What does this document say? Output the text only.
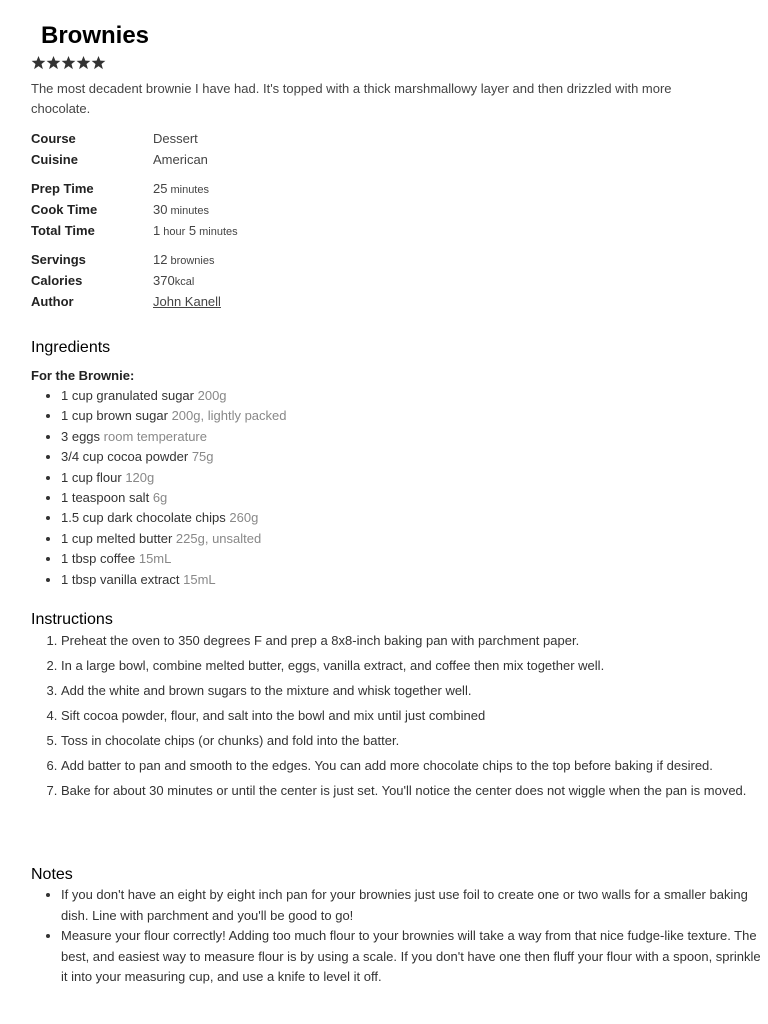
Brownies
The most decadent brownie I have had. It's topped with a thick marshmallowy layer and then drizzled with more chocolate.
Course	Dessert
Cuisine	American
Prep Time	25 minutes
Cook Time	30 minutes
Total Time	1 hour 5 minutes
Servings	12 brownies
Calories	370kcal
Author	John Kanell
Ingredients
For the Brownie:
• 1 cup granulated sugar 200g
• 1 cup brown sugar 200g, lightly packed
• 3 eggs room temperature
• 3/4 cup cocoa powder 75g
• 1 cup flour 120g
• 1 teaspoon salt 6g
• 1.5 cup dark chocolate chips 260g
• 1 cup melted butter 225g, unsalted
• 1 tbsp coffee 15mL
• 1 tbsp vanilla extract 15mL
Instructions
1. Preheat the oven to 350 degrees F and prep a 8x8-inch baking pan with parchment paper.
2. In a large bowl, combine melted butter, eggs, vanilla extract, and coffee then mix together well.
3. Add the white and brown sugars to the mixture and whisk together well.
4. Sift cocoa powder, flour, and salt into the bowl and mix until just combined
5. Toss in chocolate chips (or chunks) and fold into the batter.
6. Add batter to pan and smooth to the edges. You can add more chocolate chips to the top before baking if desired.
7. Bake for about 30 minutes or until the center is just set. You'll notice the center does not wiggle when the pan is moved.
Notes
• If you don't have an eight by eight inch pan for your brownies just use foil to create one or two walls for a smaller baking dish. Line with parchment and you'll be good to go!
• Measure your flour correctly! Adding too much flour to your brownies will take a way from that nice fudge-like texture. The best, and easiest way to measure flour is by using a scale. If you don't have one then fluff your flour with a spoon, sprinkle it into your measuring cup, and use a knife to level it off.
